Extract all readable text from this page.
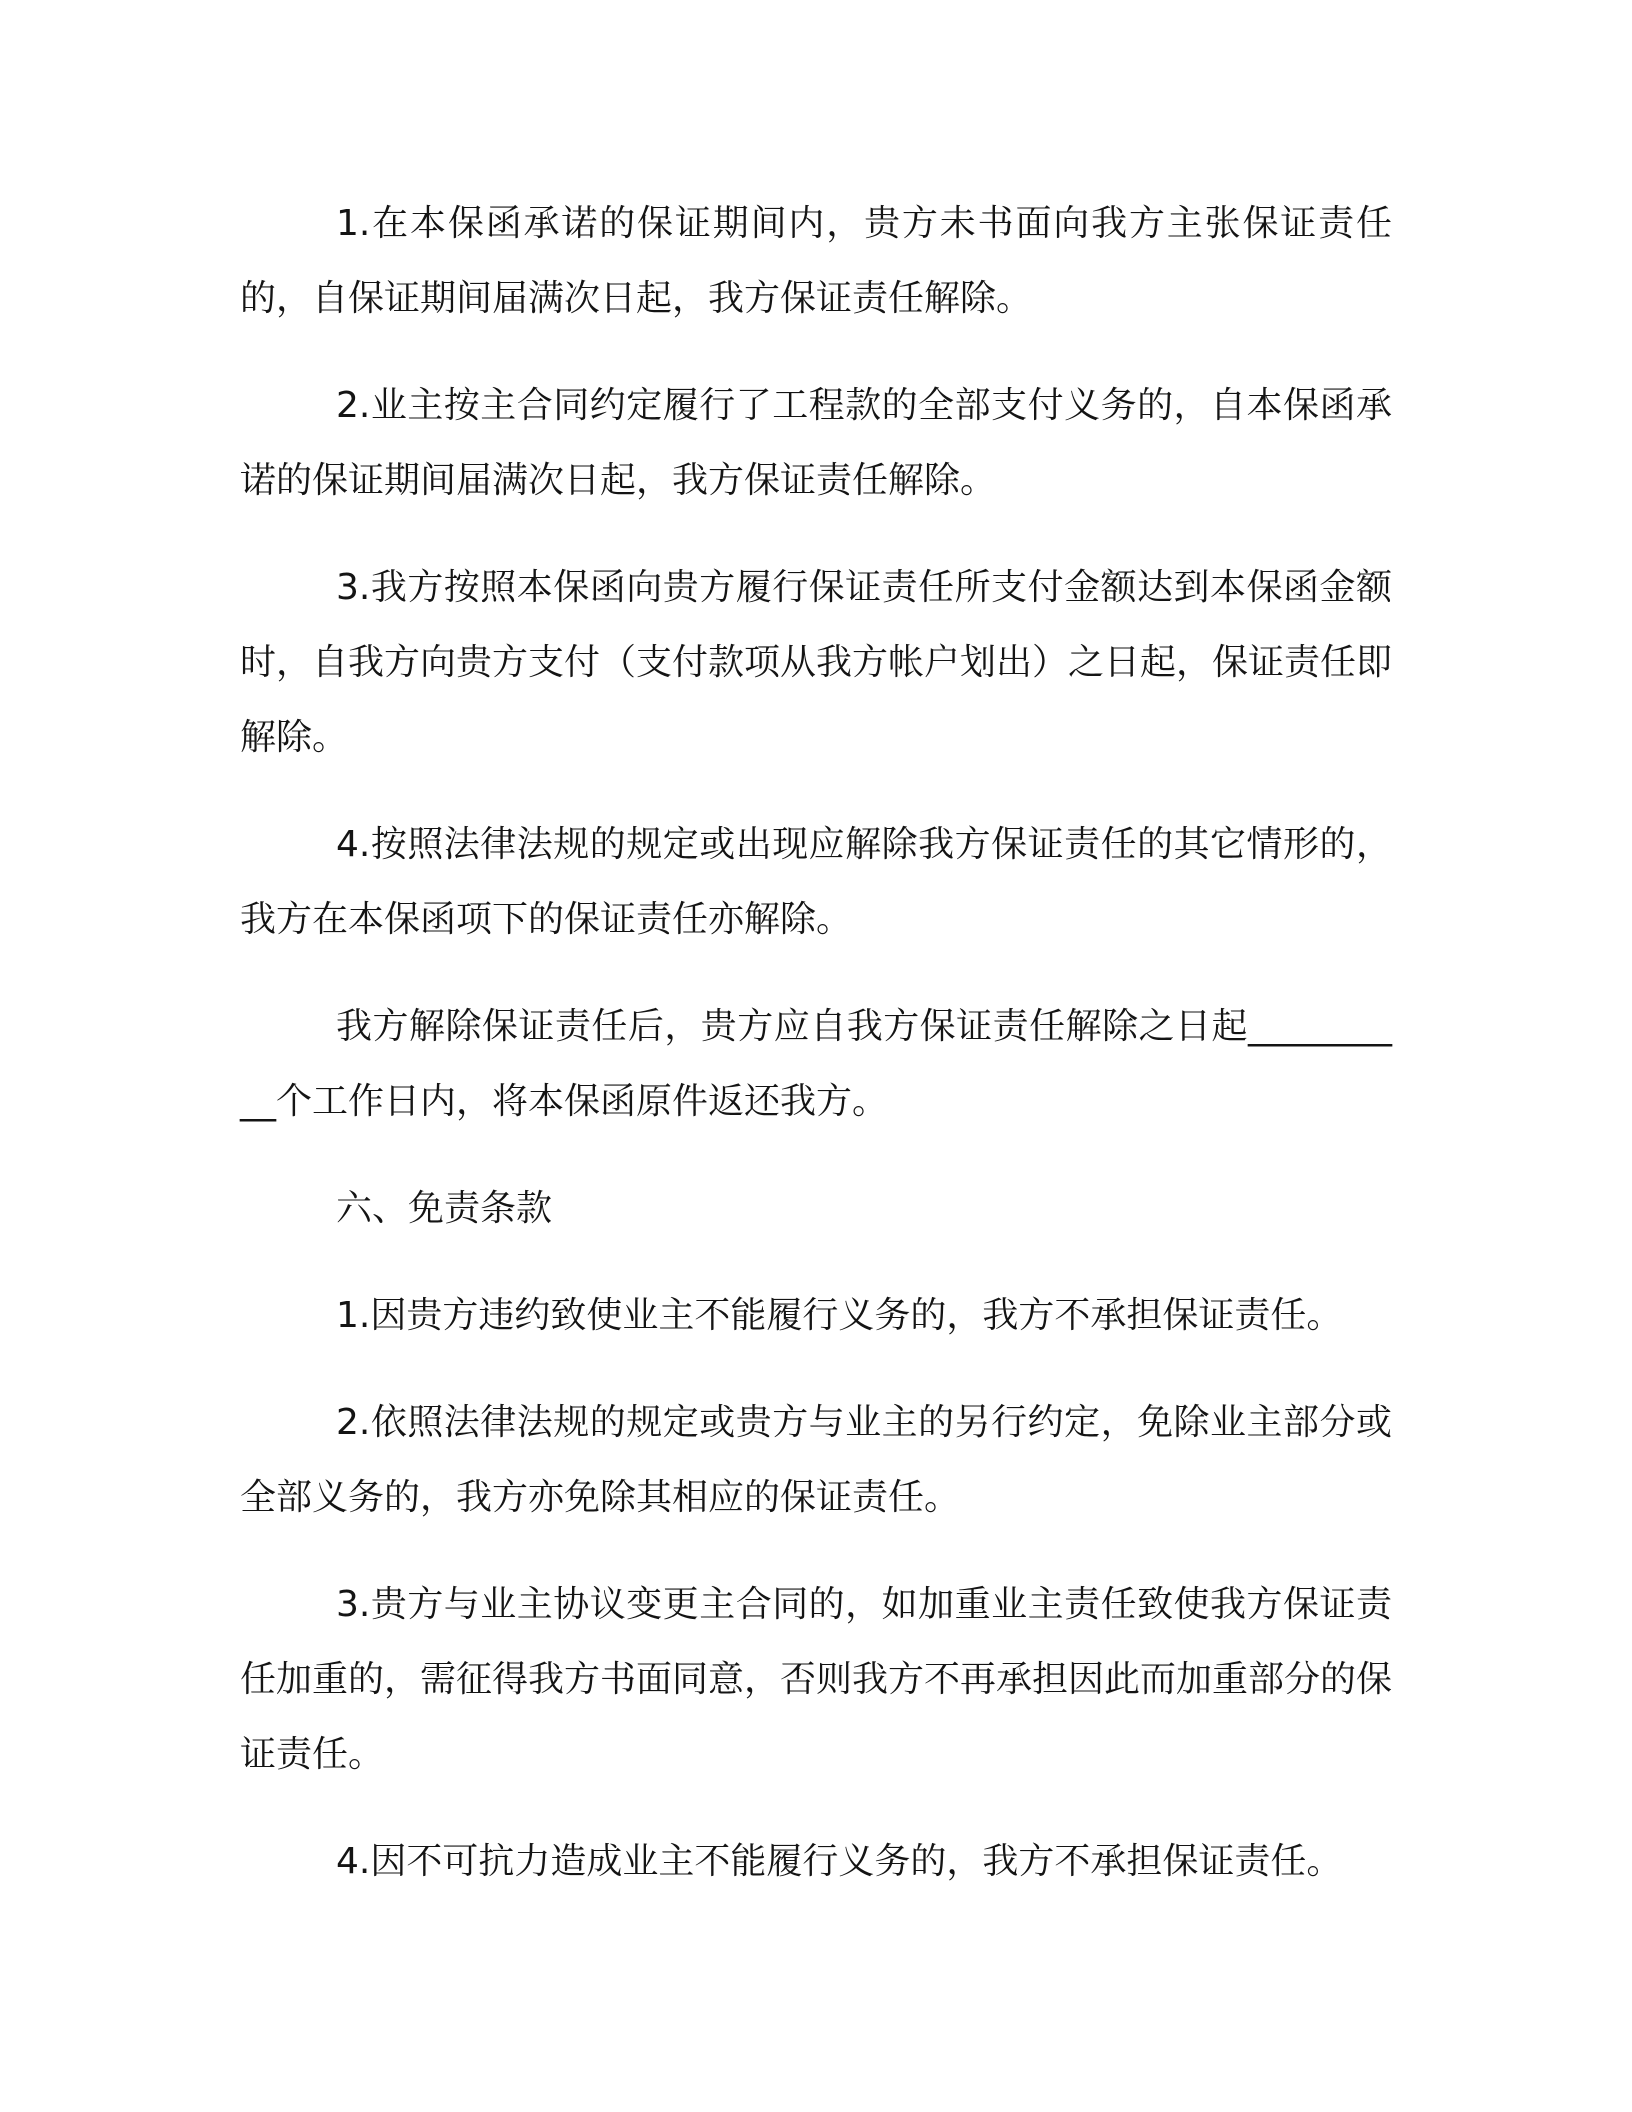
1.在本保函承诺的保证期间内，贵方未书面向我方主张保证责任的，自保证期间届满次日起，我方保证责任解除。

2.业主按主合同约定履行了工程款的全部支付义务的，自本保函承诺的保证期间届满次日起，我方保证责任解除。

3.我方按照本保函向贵方履行保证责任所支付金额达到本保函金额时，自我方向贵方支付（支付款项从我方帐户划出）之日起，保证责任即解除。

4.按照法律法规的规定或出现应解除我方保证责任的其它情形的，我方在本保函项下的保证责任亦解除。

我方解除保证责任后，贵方应自我方保证责任解除之日起__________个工作日内，将本保函原件返还我方。

六、免责条款

1.因贵方违约致使业主不能履行义务的，我方不承担保证责任。

2.依照法律法规的规定或贵方与业主的另行约定，免除业主部分或全部义务的，我方亦免除其相应的保证责任。

3.贵方与业主协议变更主合同的，如加重业主责任致使我方保证责任加重的，需征得我方书面同意，否则我方不再承担因此而加重部分的保证责任。

4.因不可抗力造成业主不能履行义务的，我方不承担保证责任。
